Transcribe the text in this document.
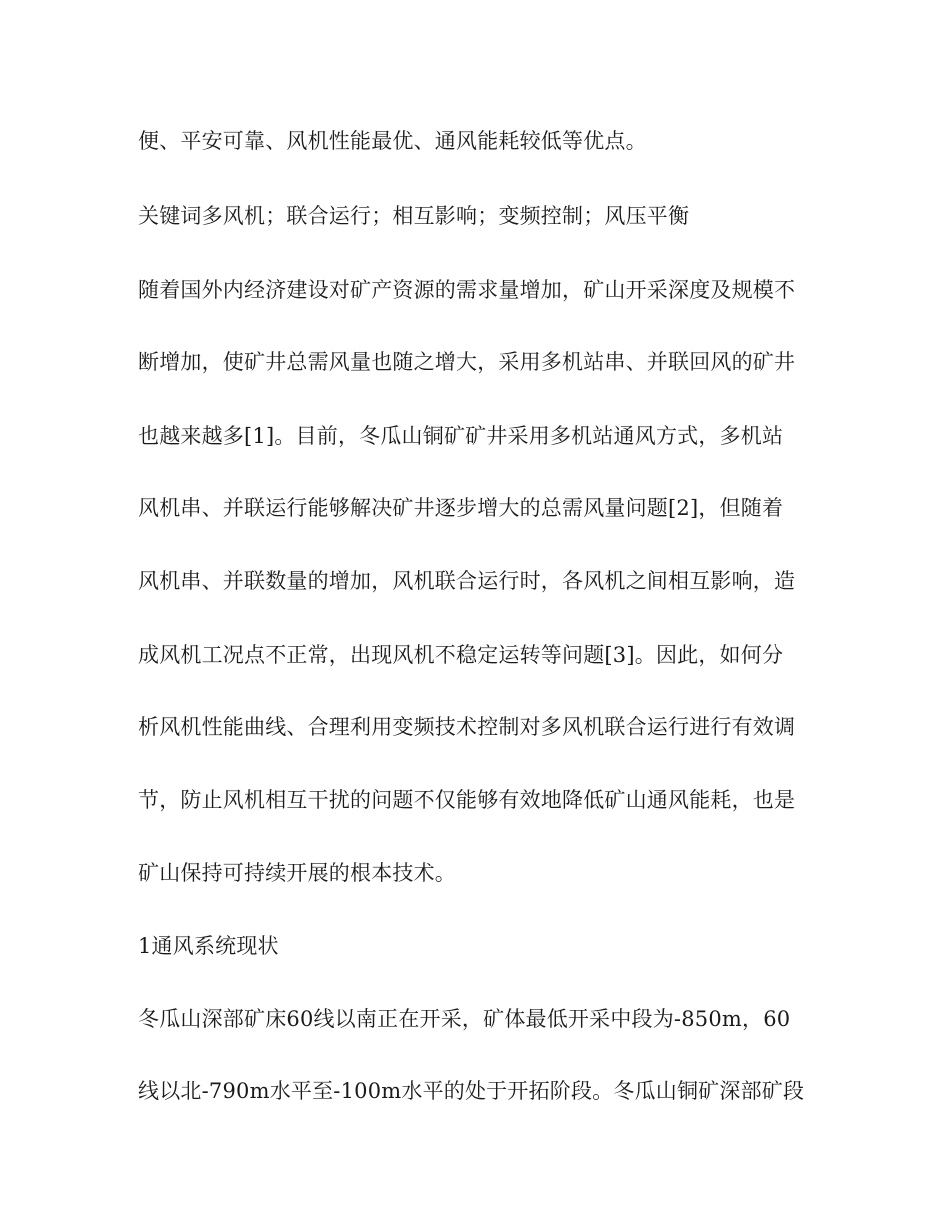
便、平安可靠、风机性能最优、通风能耗较低等优点。
关键词多风机；联合运行；相互影响；变频控制；风压平衡
随着国外内经济建设对矿产资源的需求量增加，矿山开采深度及规模不
断增加，使矿井总需风量也随之增大，采用多机站串、并联回风的矿井
也越来越多[1]。目前，冬瓜山铜矿矿井采用多机站通风方式，多机站
风机串、并联运行能够解决矿井逐步增大的总需风量问题[2]，但随着
风机串、并联数量的增加，风机联合运行时，各风机之间相互影响，造
成风机工况点不正常，出现风机不稳定运转等问题[3]。因此，如何分
析风机性能曲线、合理利用变频技术控制对多风机联合运行进行有效调
节，防止风机相互干扰的问题不仅能够有效地降低矿山通风能耗，也是
矿山保持可持续开展的根本技术。
1通风系统现状
冬瓜山深部矿床60线以南正在开采，矿体最低开采中段为-850m，60
线以北-790m水平至-100m水平的处于开拓阶段。冬瓜山铜矿深部矿段
